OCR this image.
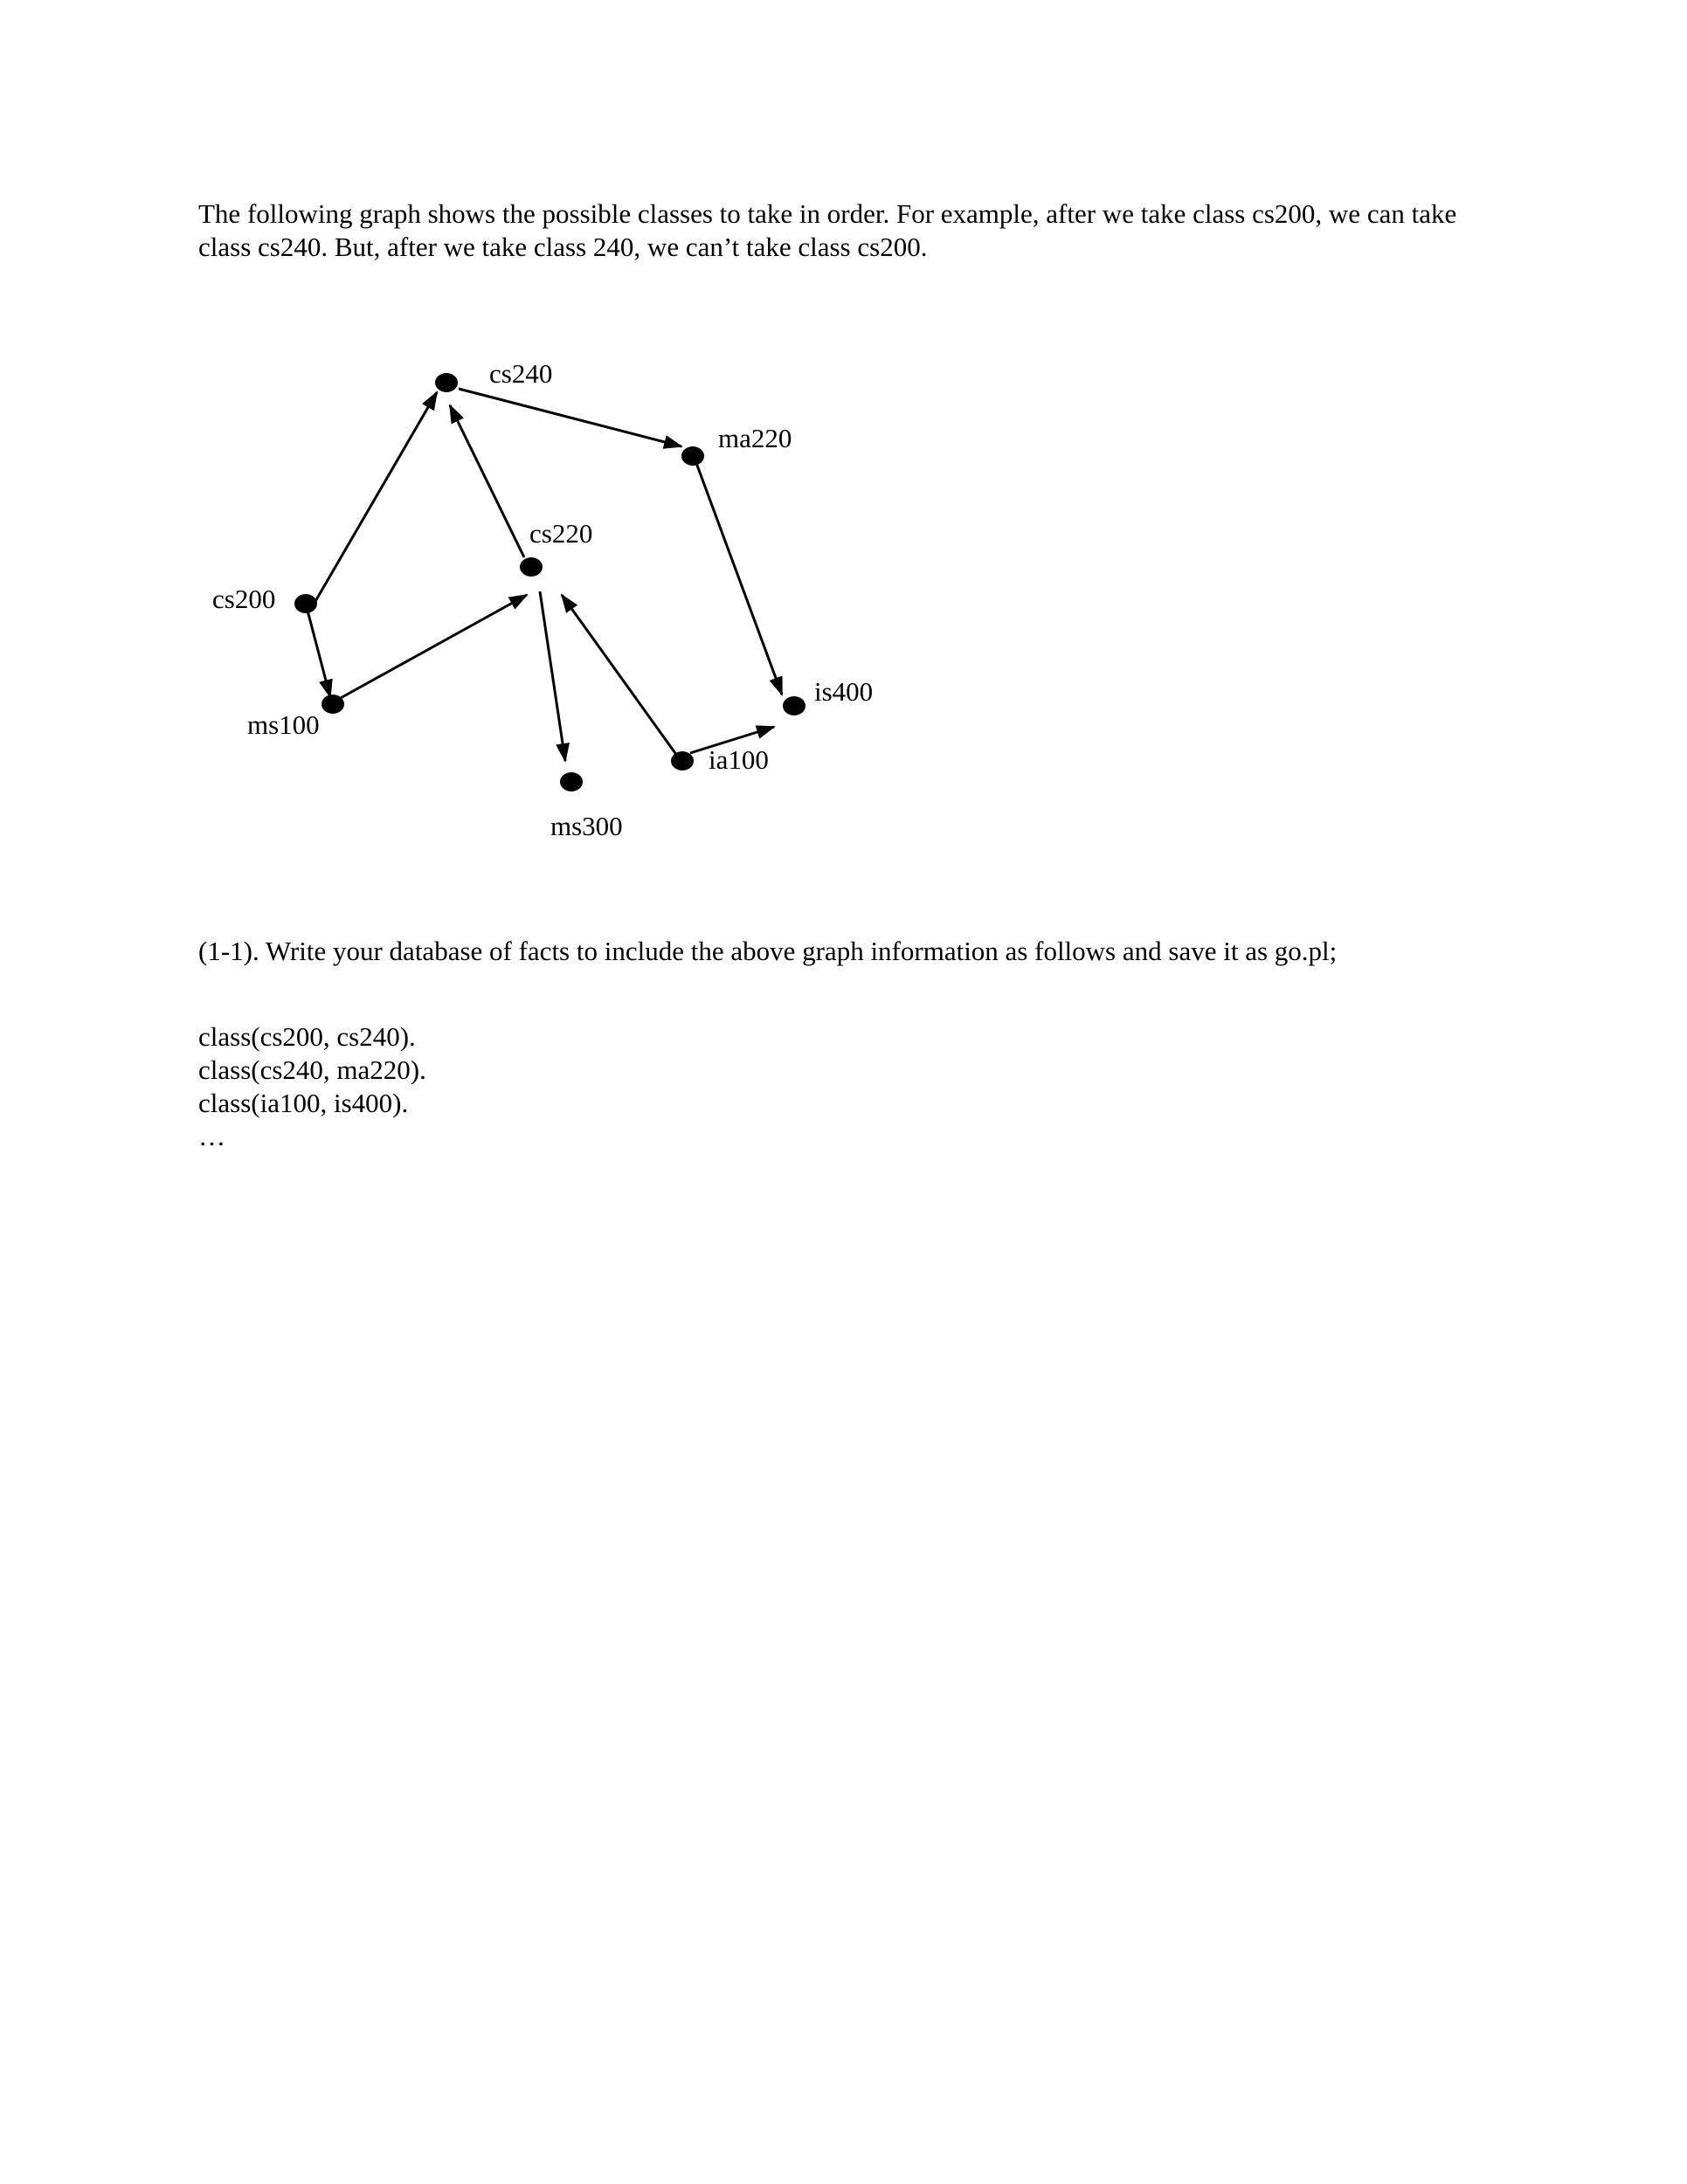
The following graph shows the possible classes to take in order. For example, after we take class cs200, we can take
class cs240. But, after we take class 240, we can’t take class cs200.

cs240
ma220
cs220
cs200
ms100
is400
ia100
ms300

(1-1). Write your database of facts to include the above graph information as follows and save it as go.pl;

class(cs200, cs240).
class(cs240, ma220).
class(ia100, is400).
…
